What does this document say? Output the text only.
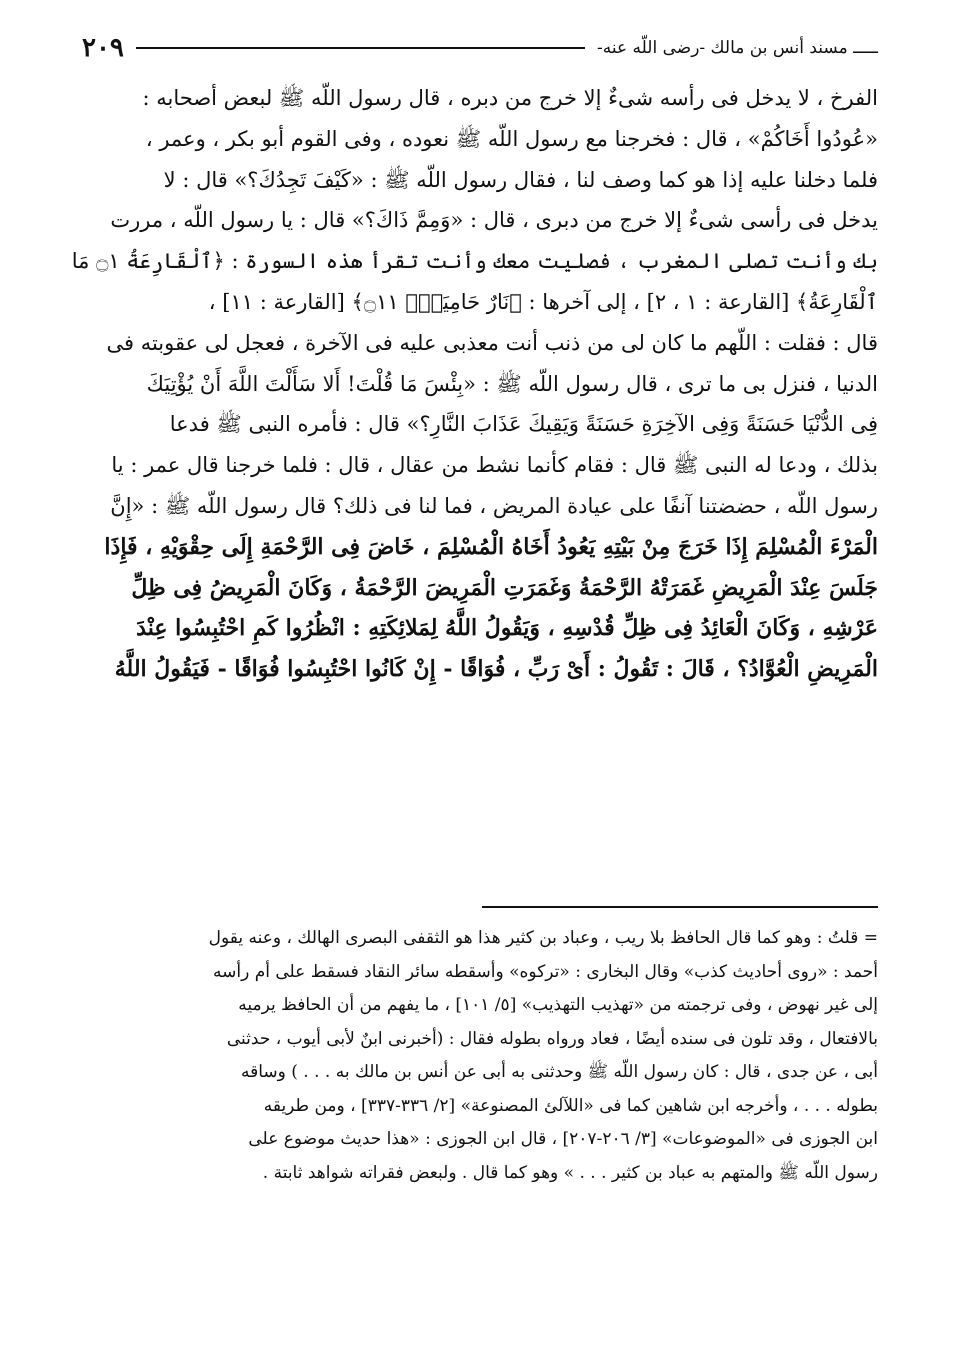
ـــــ مسند أنس بن مالك -رضى اللّه عنه-
٢٠٩
الفرخ ، لا يدخل فى رأسه شىءٌ إلا خرج من دبره ، قال رسول اللّه ﷺ لبعض أصحابه :
«عُودُوا أَخَاكُمْ» ، قال : فخرجنا مع رسول اللّه ﷺ نعوده ، وفى القوم أبو بكر ، وعمر ،
فلما دخلنا عليه إذا هو كما وصف لنا ، فقال رسول اللّه ﷺ : «كَيْفَ تَجِدُكَ؟» قال : لا
يدخل فى رأسى شىءٌ إلا خرج من دبرى ، قال : «وَمِمَّ ذَاكَ؟» قال : يا رسول اللّه ، مررت
بك وأنت تصلى المغرب ، فصليت معك وأنت تقرأ هذه السورة : ﴿ٱلْقَارِعَةُ ۝١ مَا
ٱلْقَارِعَةُ﴾ [القارعة : ١ ، ٢] ، إلى آخرها : ﴿نَارٌ حَامِيَةٌۢ ۝١١﴾ [القارعة : ١١] ،
قال : فقلت : اللّهم ما كان لى من ذنب أنت معذبى عليه فى الآخرة ، فعجل لى عقوبته فى
الدنيا ، فنزل بى ما ترى ، قال رسول اللّه ﷺ : «بِئْسَ مَا قُلْتَ! أَلا سَأَلْتَ اللَّهَ أَنْ يُؤْتِيَكَ
فِى الدُّنْيَا حَسَنَةً وَفِى الآخِرَةِ حَسَنَةً وَيَقِيكَ عَذَابَ النَّارِ؟» قال : فأمره النبى ﷺ فدعا
بذلك ، ودعا له النبى ﷺ قال : فقام كأنما نشط من عقال ، قال : فلما خرجنا قال عمر : يا
رسول اللّه ، حضضتنا آنفًا على عيادة المريض ، فما لنا فى ذلك؟ قال رسول اللّه ﷺ : «إِنَّ
الْمَرْءَ الْمُسْلِمَ إِذَا خَرَجَ مِنْ بَيْتِهِ يَعُودُ أَخَاهُ الْمُسْلِمَ ، خَاضَ فِى الرَّحْمَةِ إِلَى حِقْوَيْهِ ، فَإِذَا
جَلَسَ عِنْدَ الْمَرِيضِ غَمَرَتْهُ الرَّحْمَةُ وَغَمَرَتِ الْمَرِيضَ الرَّحْمَةُ ، وَكَانَ الْمَرِيضُ فِى ظِلِّ
عَرْشِهِ ، وَكَانَ الْعَائِدُ فِى ظِلِّ قُدْسِهِ ، وَيَقُولُ اللَّهُ لِمَلائِكَتِهِ : انْظُرُوا كَمِ احْتُبِسُوا عِنْدَ
الْمَرِيضِ الْعُوَّادُ؟ ، قَالَ : تَقُولُ : أَىْ رَبِّ ، فُوَاقًا - إِنْ كَانُوا احْتُبِسُوا فُوَاقًا - فَيَقُولُ اللَّهُ
= قلتُ : وهو كما قال الحافظ بلا ريب ، وعباد بن كثير هذا هو الثقفى البصرى الهالك ، وعنه يقول
أحمد : «روى أحاديث كذب» وقال البخارى : «تركوه» وأسقطه سائر النقاد فسقط على أم رأسه
إلى غير نهوض ، وفى ترجمته من «تهذيب التهذيب» [٥/ ١٠١] ، ما يفهم من أن الحافظ يرميه
بالافتعال ، وقد تلون فى سنده أيضًا ، فعاد ورواه بطوله فقال : (أخبرنى ابنٌ لأبى أيوب ، حدثنى
أبى ، عن جدى ، قال : كان رسول اللّه ﷺ وحدثنى به أبى عن أنس بن مالك به . . . ) وساقه
بطوله . . . ، وأخرجه ابن شاهين كما فى «اللآلئ المصنوعة» [٢/ ٣٣٦-٣٣٧] ، ومن طريقه
ابن الجوزى فى «الموضوعات» [٣/ ٢٠٦-٢٠٧] ، قال ابن الجوزى : «هذا حديث موضوع على
رسول اللّه ﷺ والمتهم به عباد بن كثير . . . » وهو كما قال . ولبعض فقراته شواهد ثابتة .
